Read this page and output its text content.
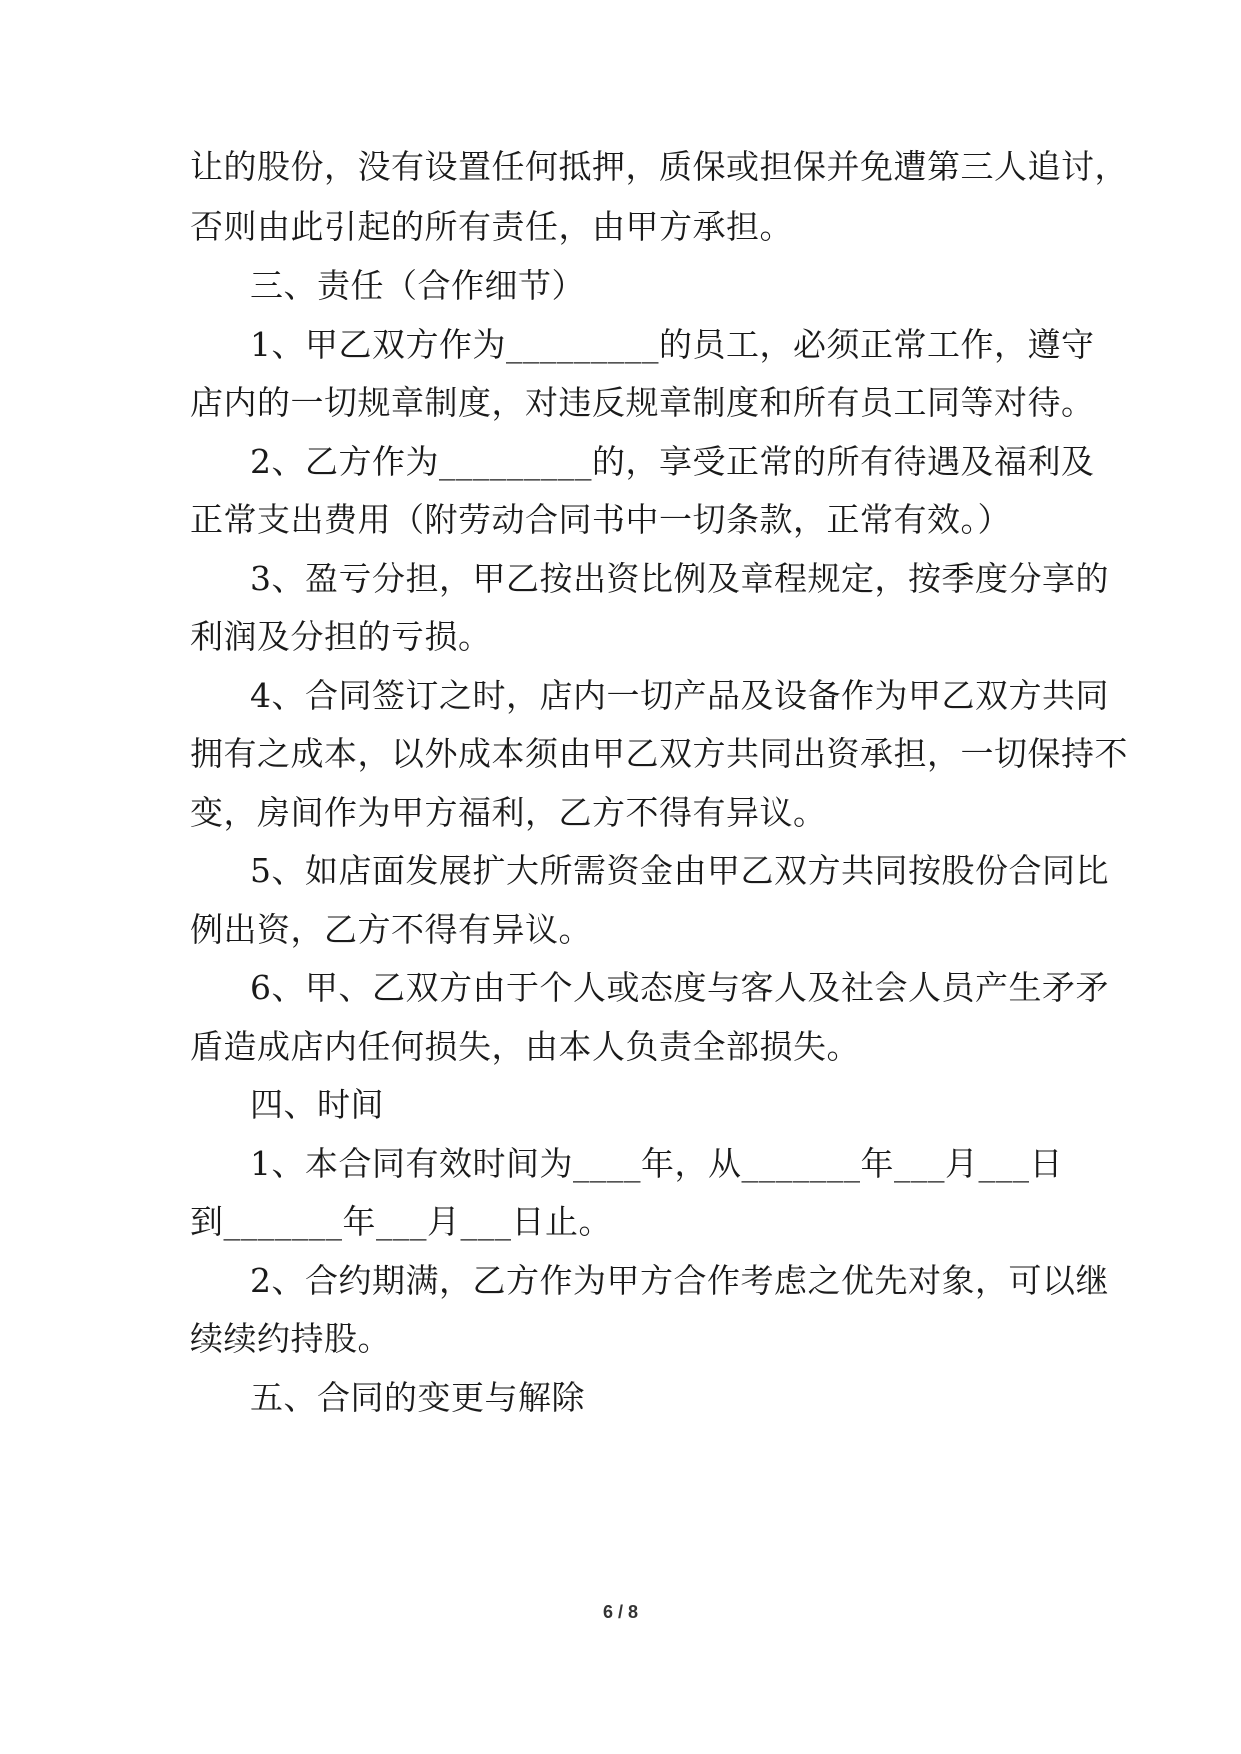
让的股份，没有设置任何抵押，质保或担保并免遭第三人追讨，
否则由此引起的所有责任，由甲方承担。
三、责任（合作细节）
1、甲乙双方作为_________的员工，必须正常工作，遵守
店内的一切规章制度，对违反规章制度和所有员工同等对待。
2、乙方作为_________的，享受正常的所有待遇及福利及
正常支出费用（附劳动合同书中一切条款，正常有效。）
3、盈亏分担，甲乙按出资比例及章程规定，按季度分享的
利润及分担的亏损。
4、合同签订之时，店内一切产品及设备作为甲乙双方共同
拥有之成本，以外成本须由甲乙双方共同出资承担，一切保持不
变，房间作为甲方福利，乙方不得有异议。
5、如店面发展扩大所需资金由甲乙双方共同按股份合同比
例出资，乙方不得有异议。
6、甲、乙双方由于个人或态度与客人及社会人员产生矛矛
盾造成店内任何损失，由本人负责全部损失。
四、时间
1、本合同有效时间为____年，从_______年___月___日
到_______年___月___日止。
2、合约期满，乙方作为甲方合作考虑之优先对象，可以继
续续约持股。
五、合同的变更与解除
6 / 8
